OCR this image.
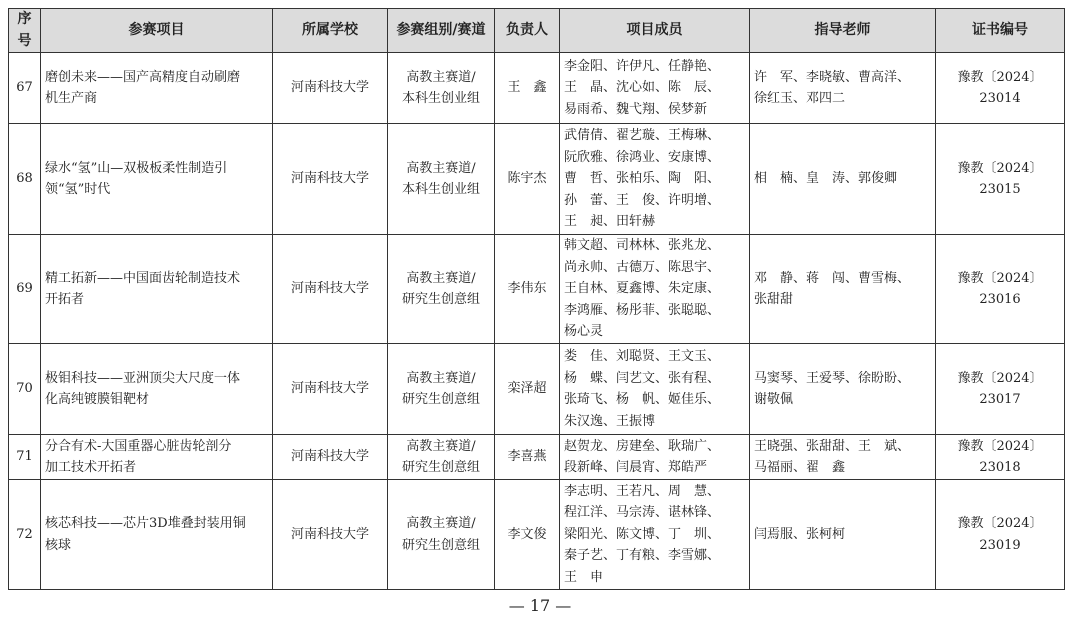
序号	参赛项目	所属学校	参赛组别/赛道	负责人	项目成员	指导老师	证书编号
67	磨创未来——国产高精度自动刷磨
机生产商	河南科技大学	高教主赛道/
本科生创业组	王　鑫	李金阳、许伊凡、任静艳、
王　晶、沈心如、陈　辰、
易雨希、魏弋翔、侯梦新	许　军、李晓敏、曹高洋、
徐红玉、邓四二	豫教〔2024〕23014
68	绿水“氢”山—双极板柔性制造引
领“氢”时代	河南科技大学	高教主赛道/
本科生创业组	陈宇杰	武倩倩、翟艺璇、王梅琳、
阮欣雅、徐鸿业、安康博、
曹　哲、张柏乐、陶　阳、
孙　蕾、王　俊、许明增、
王　昶、田轩赫	相　楠、皇　涛、郭俊卿	豫教〔2024〕23015
69	精工拓新——中国面齿轮制造技术
开拓者	河南科技大学	高教主赛道/
研究生创意组	李伟东	韩文超、司林林、张兆龙、
尚永帅、古德万、陈思宇、
王自林、夏鑫博、朱定康、
李鸿雁、杨彤菲、张聪聪、
杨心灵	邓　静、蒋　闯、曹雪梅、
张甜甜	豫教〔2024〕23016
70	极钼科技——亚洲顶尖大尺度一体
化高纯镀膜钼靶材	河南科技大学	高教主赛道/
研究生创意组	栾泽超	娄　佳、刘聪贤、王文玉、
杨　蝶、闫艺文、张有程、
张琦飞、杨　帆、姬佳乐、
朱汉逸、王振博	马窦琴、王爱琴、徐盼盼、
谢敬佩	豫教〔2024〕23017
71	分合有术-大国重器心脏齿轮剖分
加工技术开拓者	河南科技大学	高教主赛道/
研究生创意组	李喜燕	赵贺龙、房建垒、耿瑞广、
段新峰、闫晨宵、郑皓严	王晓强、张甜甜、王　斌、
马福丽、翟　鑫	豫教〔2024〕23018
72	核芯科技——芯片3D堆叠封装用铜
核球	河南科技大学	高教主赛道/
研究生创意组	李文俊	李志明、王若凡、周　慧、
程江洋、马宗涛、谌林锋、
梁阳光、陈文博、丁　圳、
秦子艺、丁有粮、李雪娜、
王　申	闫焉服、张柯柯	豫教〔2024〕23019
— 17 —
